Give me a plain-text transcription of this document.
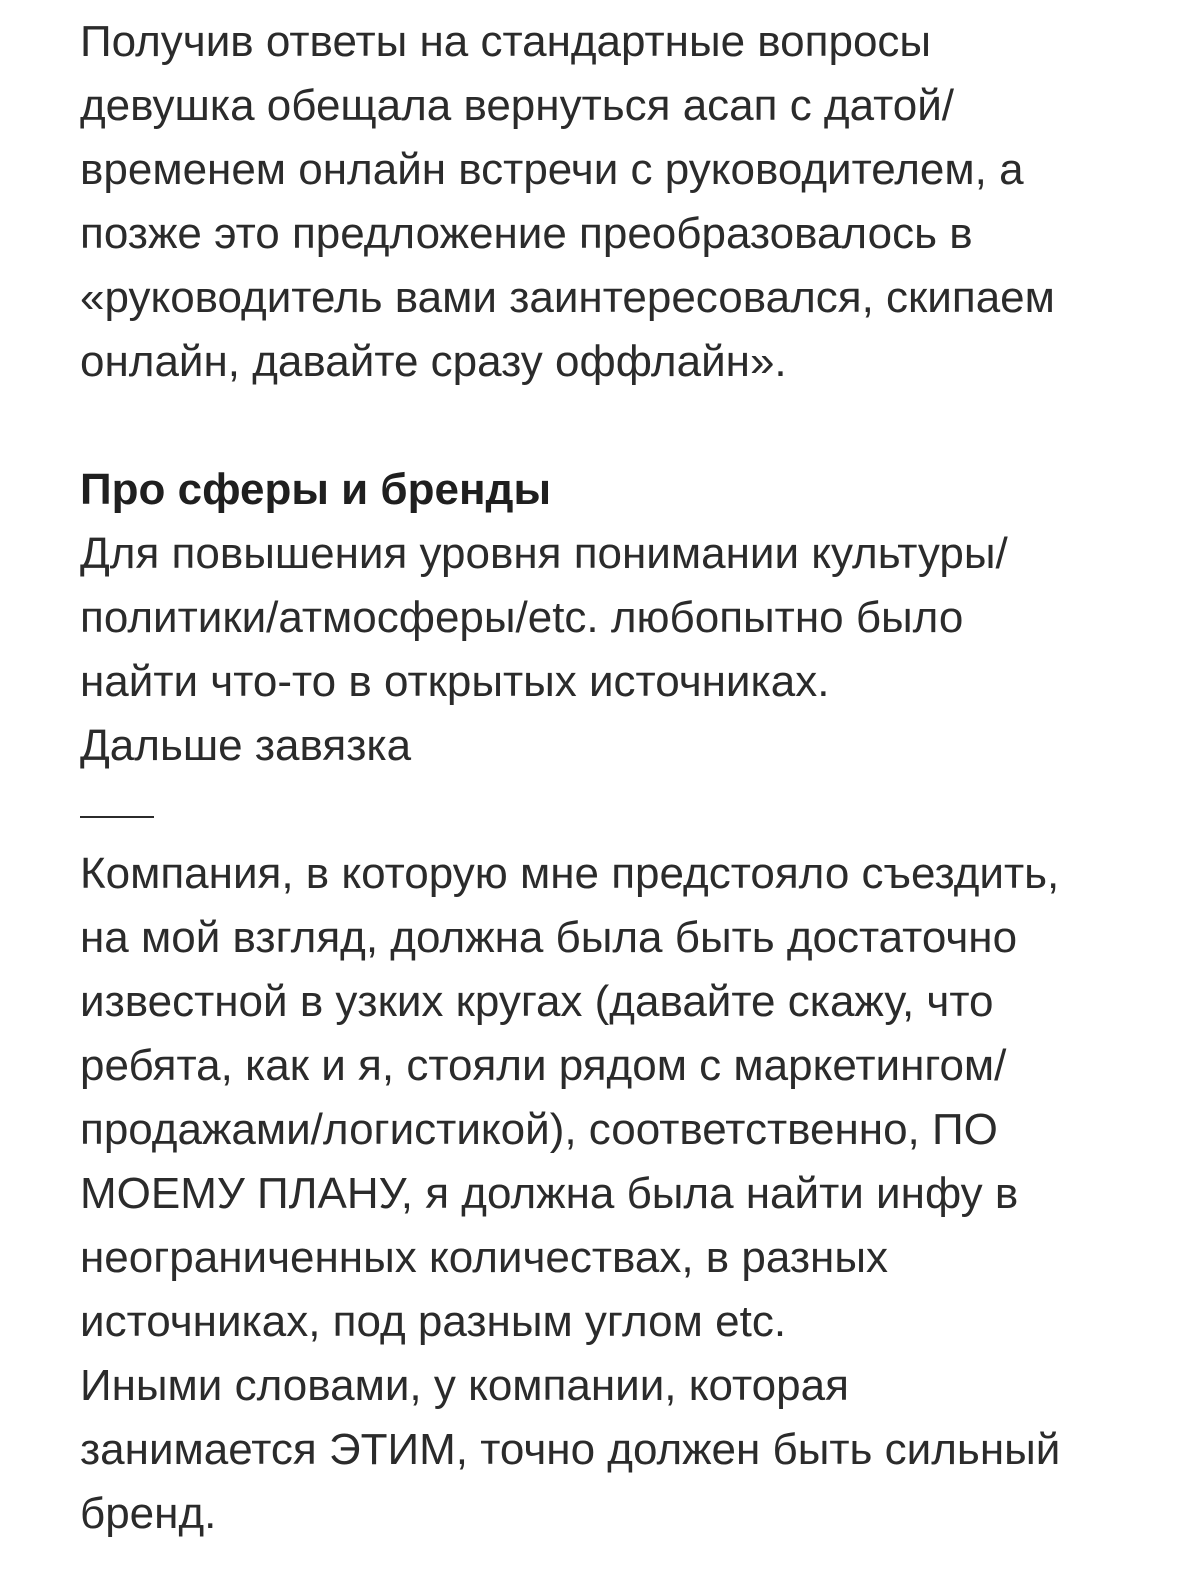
Получив ответы на стандартные вопросы
девушка обещала вернуться асап с датой/
временем онлайн встречи с руководителем, а
позже это предложение преобразовалось в
«руководитель вами заинтересовался, скипаем
онлайн, давайте сразу оффлайн».
Про сферы и бренды
Для повышения уровня понимании культуры/
политики/атмосферы/etc. любопытно было
найти что-то в открытых источниках.
Дальше завязка
Компания, в которую мне предстояло съездить,
на мой взгляд, должна была быть достаточно
известной в узких кругах (давайте скажу, что
ребята, как и я, стояли рядом с маркетингом/
продажами/логистикой), соответственно, ПО
МОЕМУ ПЛАНУ, я должна была найти инфу в
неограниченных количествах, в разных
источниках, под разным углом etc.
Иными словами, у компании, которая
занимается ЭТИМ, точно должен быть сильный
бренд.
